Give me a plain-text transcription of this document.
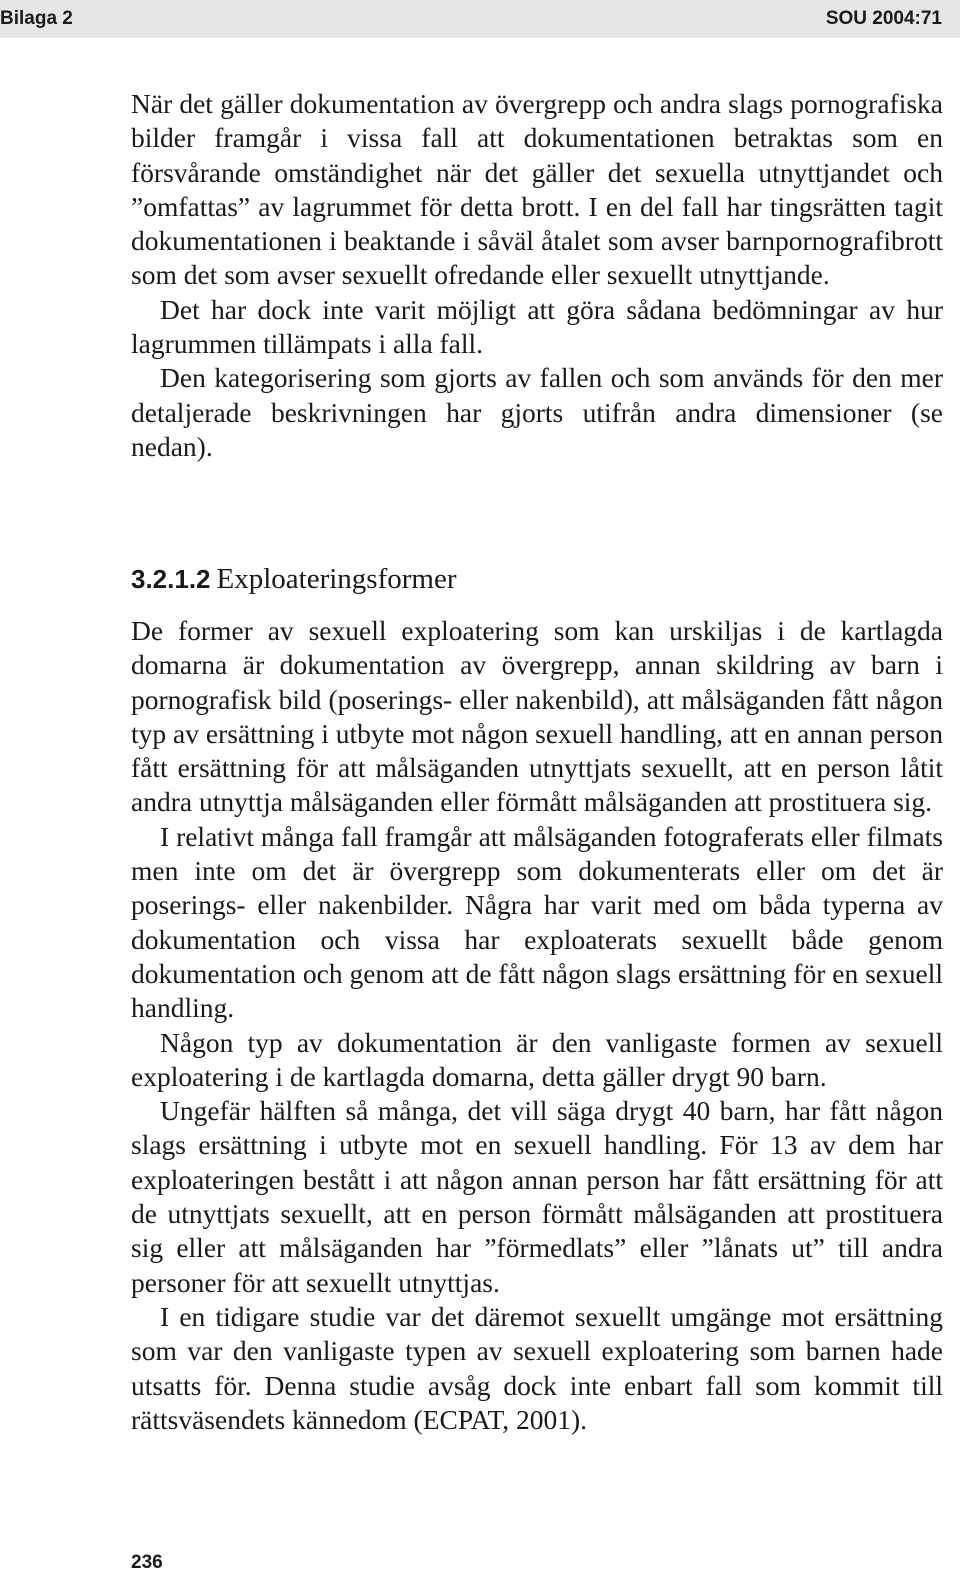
Bilaga 2	SOU 2004:71

När det gäller dokumentation av övergrepp och andra slags pornografiska bilder framgår i vissa fall att dokumentationen betraktas som en försvårande omständighet när det gäller det sexuella utnyttjandet och ”omfattas” av lagrummet för detta brott. I en del fall har tingsrätten tagit dokumentationen i beaktande i såväl åtalet som avser barnpornografibrott som det som avser sexuellt ofredande eller sexuellt utnyttjande.

Det har dock inte varit möjligt att göra sådana bedömningar av hur lagrummen tillämpats i alla fall.

Den kategorisering som gjorts av fallen och som används för den mer detaljerade beskrivningen har gjorts utifrån andra dimensioner (se nedan).

3.2.1.2 Exploateringsformer

De former av sexuell exploatering som kan urskiljas i de kartlagda domarna är dokumentation av övergrepp, annan skildring av barn i pornografisk bild (poserings- eller nakenbild), att målsäganden fått någon typ av ersättning i utbyte mot någon sexuell handling, att en annan person fått ersättning för att målsäganden utnyttjats sexuellt, att en person låtit andra utnyttja målsäganden eller förmått målsäganden att prostituera sig.

I relativt många fall framgår att målsäganden fotograferats eller filmats men inte om det är övergrepp som dokumenterats eller om det är poserings- eller nakenbilder. Några har varit med om båda typerna av dokumentation och vissa har exploaterats sexuellt både genom dokumentation och genom att de fått någon slags ersättning för en sexuell handling.

Någon typ av dokumentation är den vanligaste formen av sexuell exploatering i de kartlagda domarna, detta gäller drygt 90 barn.

Ungefär hälften så många, det vill säga drygt 40 barn, har fått någon slags ersättning i utbyte mot en sexuell handling. För 13 av dem har exploateringen bestått i att någon annan person har fått ersättning för att de utnyttjats sexuellt, att en person förmått målsäganden att prostituera sig eller att målsäganden har ”förmedlats” eller ”lånats ut” till andra personer för att sexuellt utnyttjas.

I en tidigare studie var det däremot sexuellt umgänge mot ersättning som var den vanligaste typen av sexuell exploatering som barnen hade utsatts för. Denna studie avsåg dock inte enbart fall som kommit till rättsväsendets kännedom (ECPAT, 2001).

236
